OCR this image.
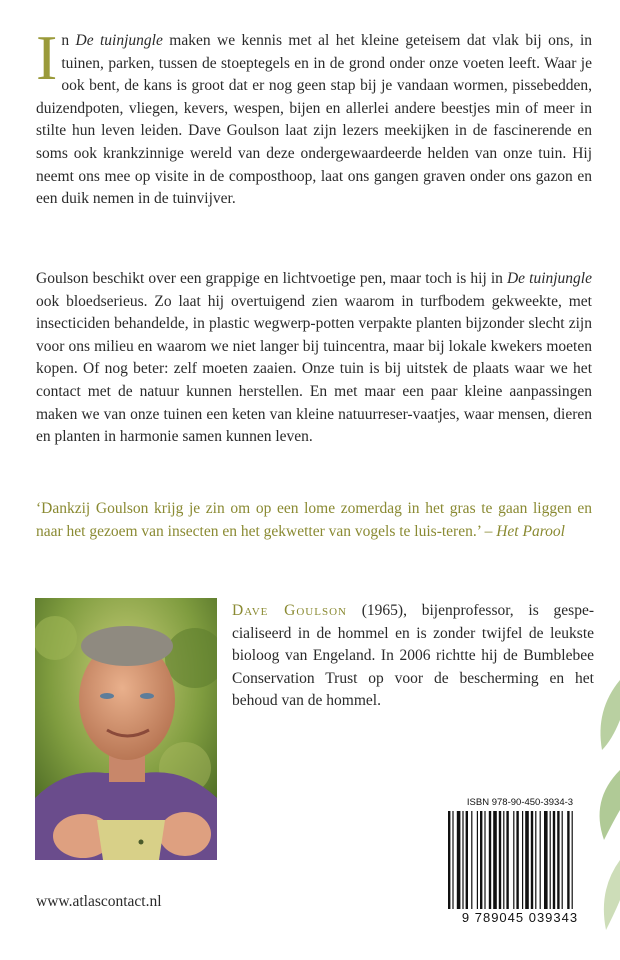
In De tuinjungle maken we kennis met al het kleine geteisem dat vlak bij ons, in tuinen, parken, tussen de stoeptegels en in de grond onder onze voeten leeft. Waar je ook bent, de kans is groot dat er nog geen stap bij je vandaan wormen, pissebedden, duizendpoten, vliegen, kevers, wespen, bijen en allerlei andere beestjes min of meer in stilte hun leven leiden. Dave Goulson laat zijn lezers meekijken in de fascinerende en soms ook krankzinnige wereld van deze ondergewaardeerde helden van onze tuin. Hij neemt ons mee op visite in de composthoop, laat ons gangen graven onder ons gazon en een duik nemen in de tuinvijver.

Goulson beschikt over een grappige en lichtvoetige pen, maar toch is hij in De tuinjungle ook bloedserieus. Zo laat hij overtuigend zien waarom in turfbodem gekweekte, met insecticiden behandelde, in plastic wegwerp-potten verpakte planten bijzonder slecht zijn voor ons milieu en waarom we niet langer bij tuincentra, maar bij lokale kwekers moeten kopen. Of nog beter: zelf moeten zaaien. Onze tuin is bij uitstek de plaats waar we het contact met de natuur kunnen herstellen. En met maar een paar kleine aanpassingen maken we van onze tuinen een keten van kleine natuurreser-vaatjes, waar mensen, dieren en planten in harmonie samen kunnen leven.

‘Dankzij Goulson krijg je zin om op een lome zomerdag in het gras te gaan liggen en naar het gezoem van insecten en het gekwetter van vogels te luis-teren.’ – Het Parool

Dave Goulson (1965), bijenprofessor, is gespe-cialiseerd in de hommel en is zonder twijfel de leukste bioloog van Engeland. In 2006 richtte hij de Bumblebee Conservation Trust op voor de bescherming en het behoud van de hommel.

ISBN 978-90-450-3934-3
9 789045 039343

www.atlascontact.nl
